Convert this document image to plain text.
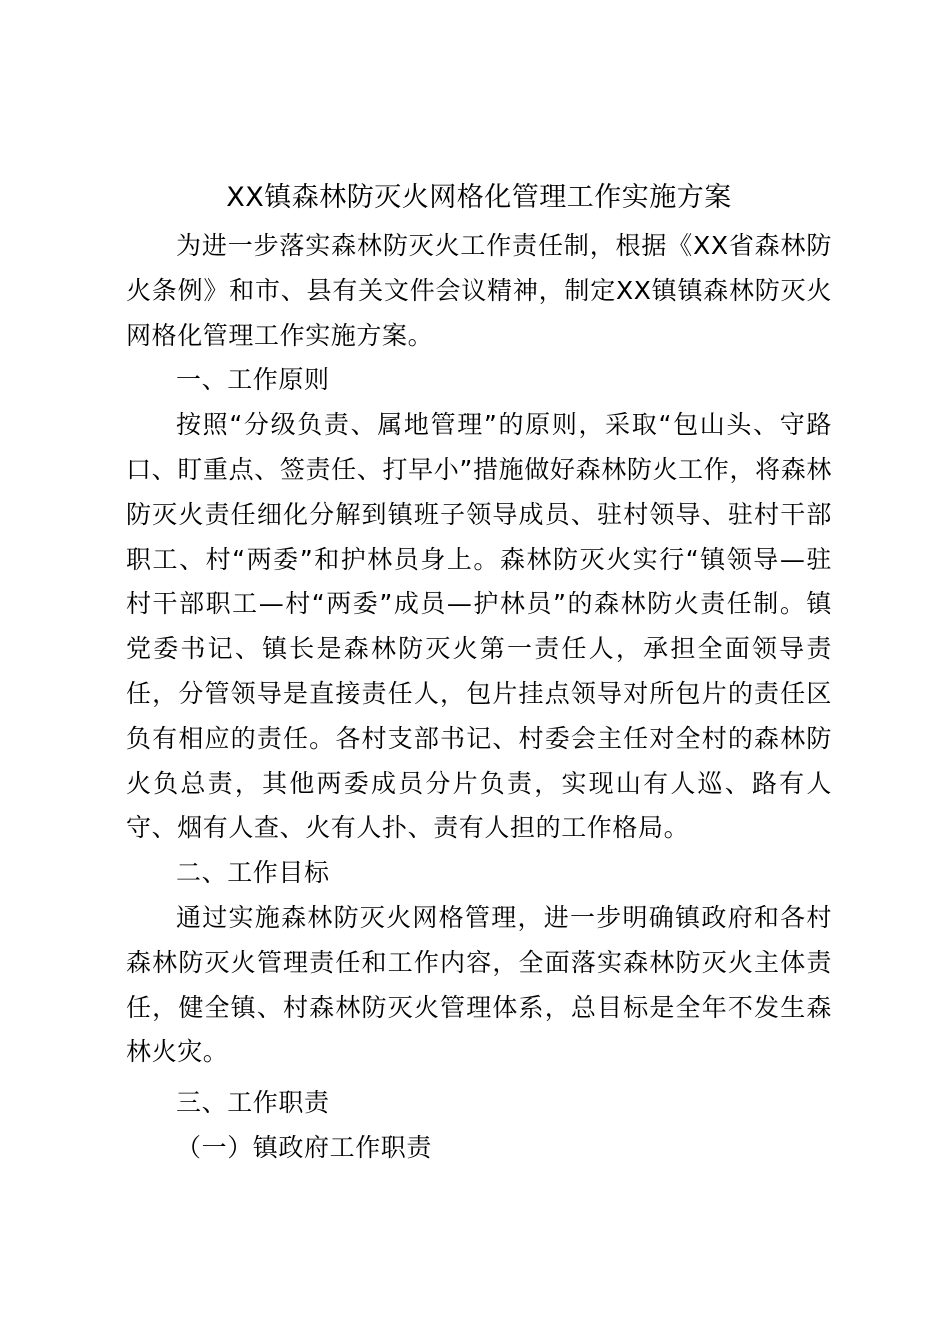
XX镇森林防灭火网格化管理工作实施方案

为进一步落实森林防灭火工作责任制，根据《XX省森林防火条例》和市、县有关文件会议精神，制定XX镇镇森林防灭火网格化管理工作实施方案。

一、工作原则

按照“分级负责、属地管理”的原则，采取“包山头、守路口、盯重点、签责任、打早小”措施做好森林防火工作，将森林防灭火责任细化分解到镇班子领导成员、驻村领导、驻村干部职工、村“两委”和护林员身上。森林防灭火实行“镇领导—驻村干部职工—村“两委”成员—护林员”的森林防火责任制。镇党委书记、镇长是森林防灭火第一责任人，承担全面领导责任，分管领导是直接责任人，包片挂点领导对所包片的责任区负有相应的责任。各村支部书记、村委会主任对全村的森林防火负总责，其他两委成员分片负责，实现山有人巡、路有人守、烟有人查、火有人扑、责有人担的工作格局。

二、工作目标

通过实施森林防灭火网格管理，进一步明确镇政府和各村森林防灭火管理责任和工作内容，全面落实森林防灭火主体责任，健全镇、村森林防灭火管理体系，总目标是全年不发生森林火灾。

三、工作职责

（一）镇政府工作职责
